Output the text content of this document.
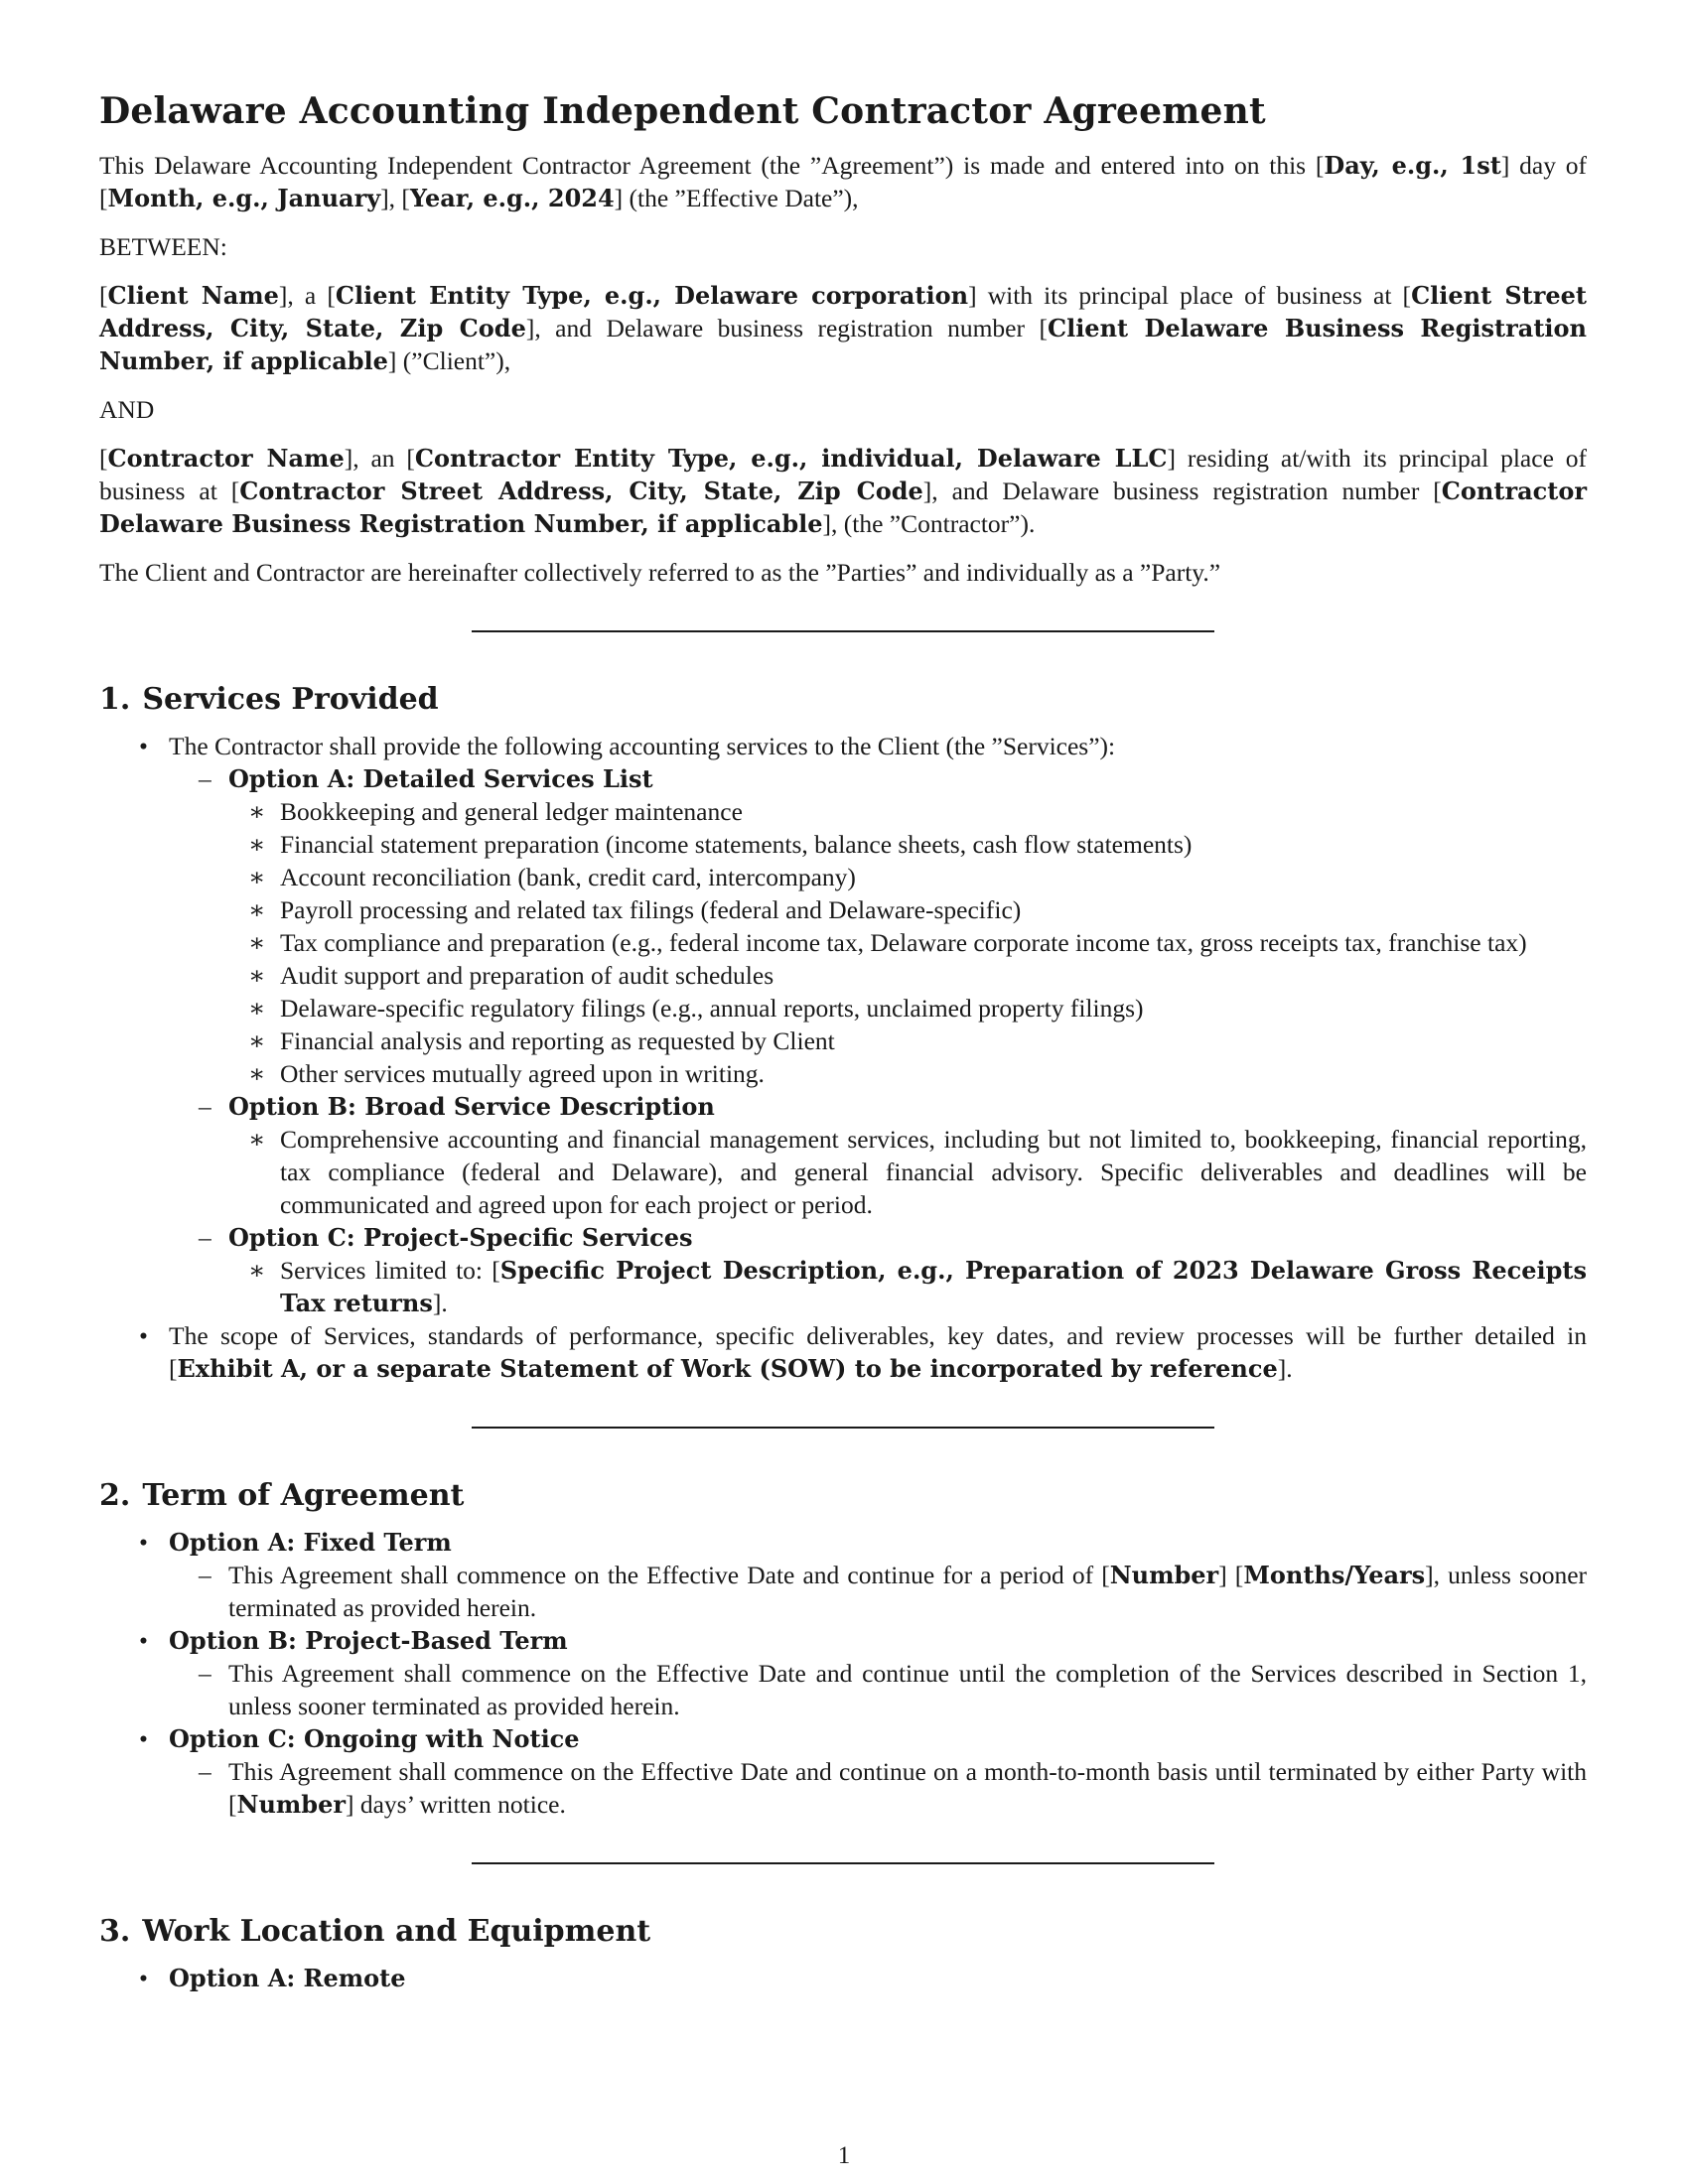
Delaware Accounting Independent Contractor Agreement

This Delaware Accounting Independent Contractor Agreement (the ”Agreement”) is made and entered into on this [Day, e.g., 1st] day of [Month, e.g., January], [Year, e.g., 2024] (the ”Effective Date”),

BETWEEN:

[Client Name], a [Client Entity Type, e.g., Delaware corporation] with its principal place of business at [Client Street Address, City, State, Zip Code], and Delaware business registration number [Client Delaware Business Registration Number, if applicable] (”Client”),

AND

[Contractor Name], an [Contractor Entity Type, e.g., individual, Delaware LLC] residing at/with its principal place of business at [Contractor Street Address, City, State, Zip Code], and Delaware business registration number [Contractor Delaware Business Registration Number, if applicable], (the ”Contractor”).

The Client and Contractor are hereinafter collectively referred to as the ”Parties” and individually as a ”Party.”

1. Services Provided
• The Contractor shall provide the following accounting services to the Client (the ”Services”):
– Option A: Detailed Services List
∗ Bookkeeping and general ledger maintenance
∗ Financial statement preparation (income statements, balance sheets, cash flow statements)
∗ Account reconciliation (bank, credit card, intercompany)
∗ Payroll processing and related tax filings (federal and Delaware-specific)
∗ Tax compliance and preparation (e.g., federal income tax, Delaware corporate income tax, gross receipts tax, franchise tax)
∗ Audit support and preparation of audit schedules
∗ Delaware-specific regulatory filings (e.g., annual reports, unclaimed property filings)
∗ Financial analysis and reporting as requested by Client
∗ Other services mutually agreed upon in writing.
– Option B: Broad Service Description
∗ Comprehensive accounting and financial management services, including but not limited to, bookkeeping, financial reporting, tax compliance (federal and Delaware), and general financial advisory. Specific deliverables and deadlines will be communicated and agreed upon for each project or period.
– Option C: Project-Specific Services
∗ Services limited to: [Specific Project Description, e.g., Preparation of 2023 Delaware Gross Receipts Tax returns].
• The scope of Services, standards of performance, specific deliverables, key dates, and review processes will be further detailed in [Exhibit A, or a separate Statement of Work (SOW) to be incorporated by reference].
2. Term of Agreement
• Option A: Fixed Term
– This Agreement shall commence on the Effective Date and continue for a period of [Number] [Months/Years], unless sooner terminated as provided herein.
• Option B: Project-Based Term
– This Agreement shall commence on the Effective Date and continue until the completion of the Services described in Section 1, unless sooner terminated as provided herein.
• Option C: Ongoing with Notice
– This Agreement shall commence on the Effective Date and continue on a month-to-month basis until terminated by either Party with [Number] days’ written notice.
3. Work Location and Equipment
• Option A: Remote
1
